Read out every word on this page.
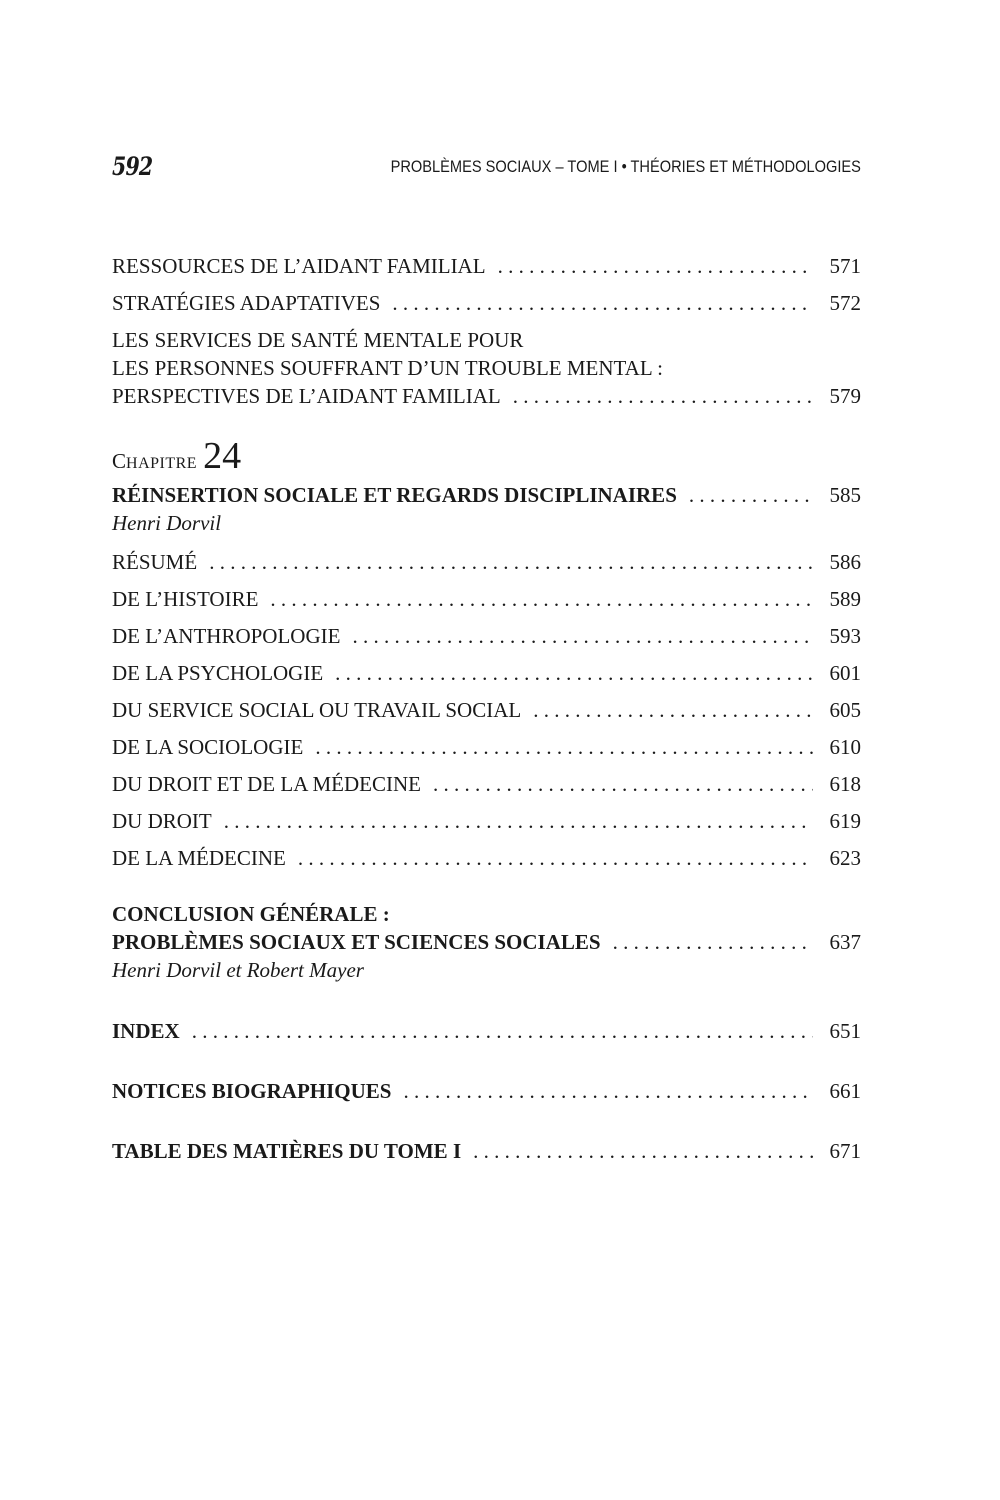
592	PROBLÈMES SOCIAUX – TOME I • THÉORIES ET MÉTHODOLOGIES
RESSOURCES DE L’AIDANT FAMILIAL . . .	571
STRATÉGIES ADAPTATIVES . . .	572
LES SERVICES DE SANTÉ MENTALE POUR
LES PERSONNES SOUFFRANT D’UN TROUBLE MENTAL :
PERSPECTIVES DE L’AIDANT FAMILIAL . . .	579
CHAPITRE 24
RÉINSERTION SOCIALE ET REGARDS DISCIPLINAIRES . . .	585
Henri Dorvil
RÉSUMÉ . . .	586
DE L’HISTOIRE . . .	589
DE L’ANTHROPOLOGIE . . .	593
DE LA PSYCHOLOGIE . . .	601
DU SERVICE SOCIAL OU TRAVAIL SOCIAL . . .	605
DE LA SOCIOLOGIE . . .	610
DU DROIT ET DE LA MÉDECINE . . .	618
DU DROIT . . .	619
DE LA MÉDECINE . . .	623
CONCLUSION GÉNÉRALE :
PROBLÈMES SOCIAUX ET SCIENCES SOCIALES . . .	637
Henri Dorvil et Robert Mayer
INDEX . . .	651
NOTICES BIOGRAPHIQUES . . .	661
TABLE DES MATIÈRES DU TOME I . . .	671
